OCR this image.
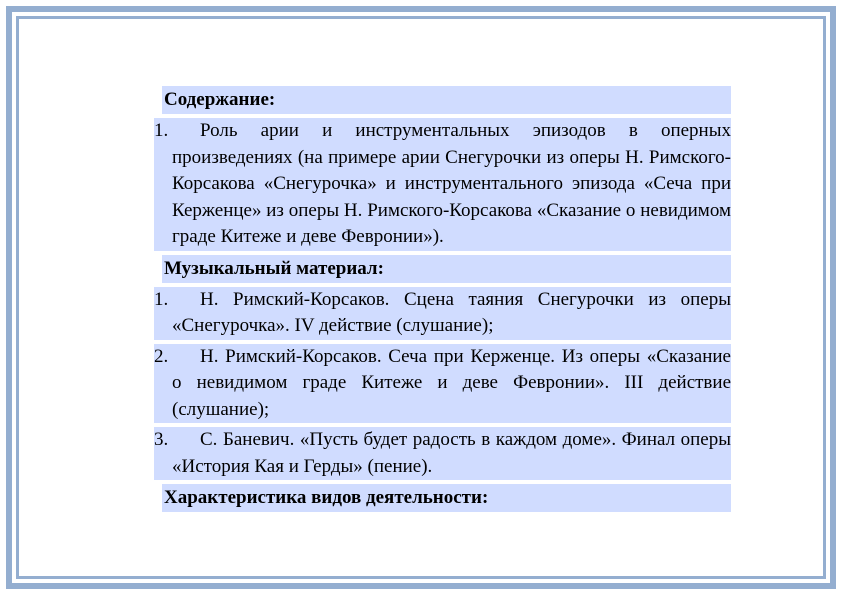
Содержание:
1. Роль арии и инструментальных эпизодов в оперных произведениях (на примере арии Снегурочки из оперы Н. Римского-Корсакова «Снегурочка» и инструментального эпизода «Сеча при Керженце» из оперы Н. Римского-Корсакова «Сказание о невидимом граде Китеже и деве Февронии»).
Музыкальный материал:
1. Н. Римский-Корсаков. Сцена таяния Снегурочки из оперы «Снегурочка». IV действие (слушание);
2. Н. Римский-Корсаков. Сеча при Керженце. Из оперы «Сказание о невидимом граде Китеже и деве Февронии». III действие (слушание);
3. С. Баневич. «Пусть будет радость в каждом доме». Финал оперы «История Кая и Герды» (пение).
Характеристика видов деятельности:
